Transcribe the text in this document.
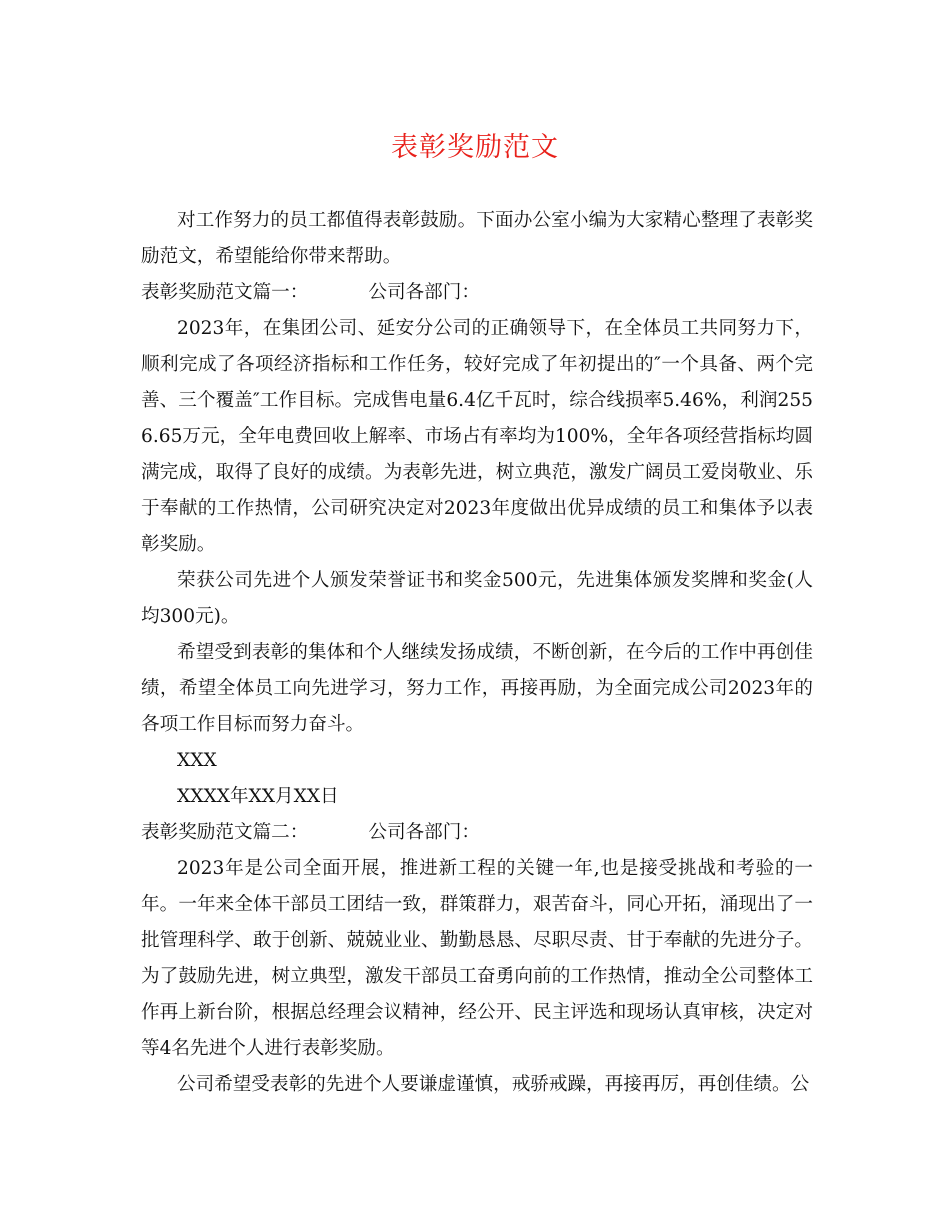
表彰奖励范文

对工作努力的员工都值得表彰鼓励。下面办公室小编为大家精心整理了表彰奖励范文，希望能给你带来帮助。

表彰奖励范文篇一：	公司各部门：

2023年，在集团公司、延安分公司的正确领导下，在全体员工共同努力下，顺利完成了各项经济指标和工作任务，较好完成了年初提出的″一个具备、两个完善、三个覆盖″工作目标。完成售电量6.4亿千瓦时，综合线损率5.46%，利润2556.65万元，全年电费回收上解率、市场占有率均为100%，全年各项经营指标均圆满完成，取得了良好的成绩。为表彰先进，树立典范，激发广阔员工爱岗敬业、乐于奉献的工作热情，公司研究决定对2023年度做出优异成绩的员工和集体予以表彰奖励。

荣获公司先进个人颁发荣誉证书和奖金500元，先进集体颁发奖牌和奖金(人均300元)。

希望受到表彰的集体和个人继续发扬成绩，不断创新，在今后的工作中再创佳绩，希望全体员工向先进学习，努力工作，再接再励，为全面完成公司2023年的各项工作目标而努力奋斗。

XXX

XXXX年XX月XX日

表彰奖励范文篇二：	公司各部门：

2023年是公司全面开展，推进新工程的关键一年,也是接受挑战和考验的一年。一年来全体干部员工团结一致，群策群力，艰苦奋斗，同心开拓，涌现出了一批管理科学、敢于创新、兢兢业业、勤勤恳恳、尽职尽责、甘于奉献的先进分子。为了鼓励先进，树立典型，激发干部员工奋勇向前的工作热情，推动全公司整体工作再上新台阶，根据总经理会议精神，经公开、民主评选和现场认真审核，决定对等4名先进个人进行表彰奖励。

公司希望受表彰的先进个人要谦虚谨慎，戒骄戒躁，再接再厉，再创佳绩。公
